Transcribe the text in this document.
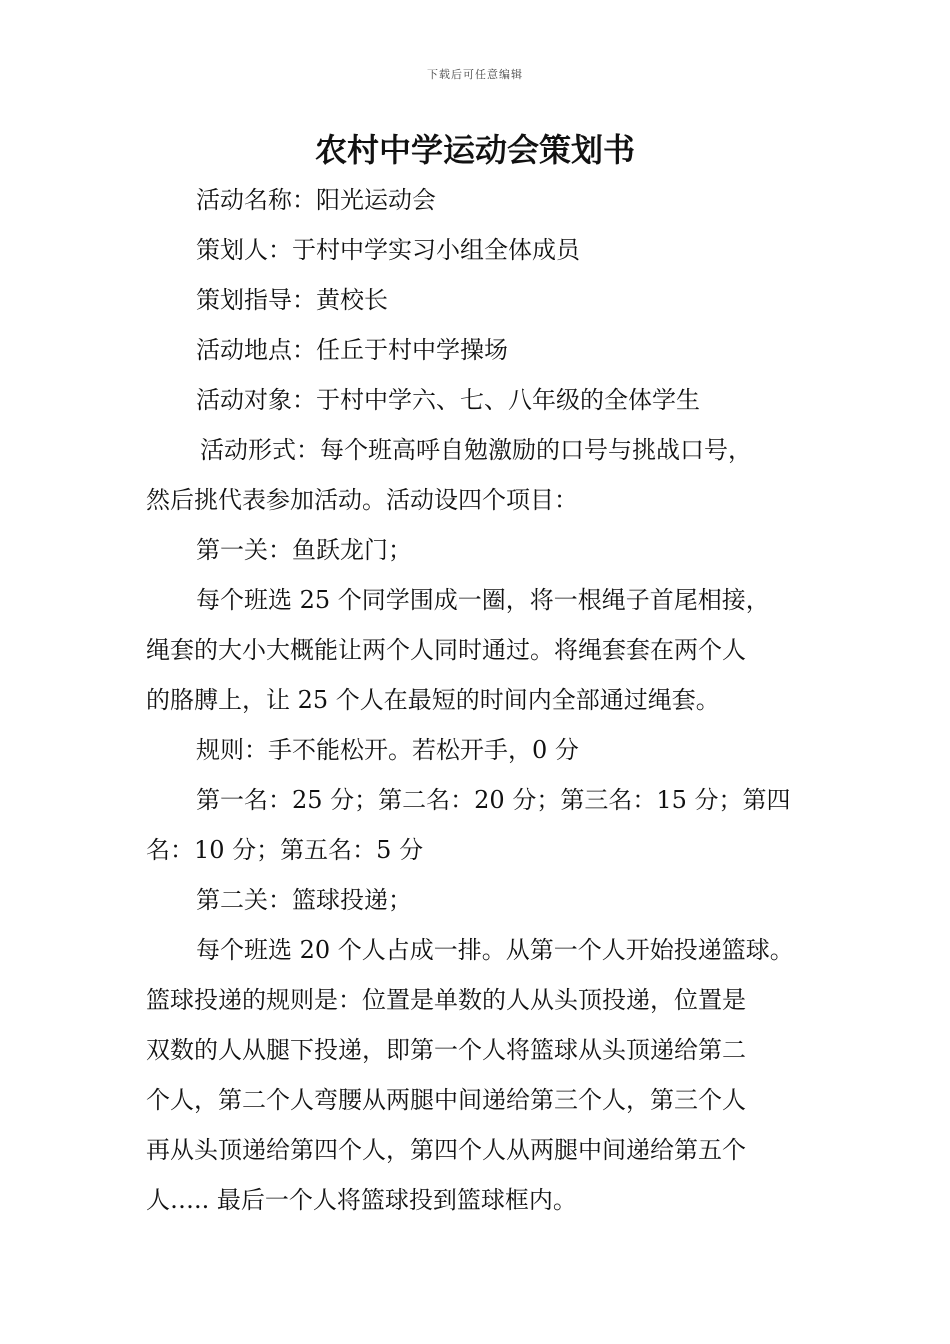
下载后可任意编辑
农村中学运动会策划书

活动名称：阳光运动会

策划人：于村中学实习小组全体成员

策划指导：黄校长

活动地点：任丘于村中学操场

活动对象：于村中学六、七、八年级的全体学生

活动形式：每个班高呼自勉激励的口号与挑战口号，

然后挑代表参加活动。活动设四个项目：

第一关：鱼跃龙门；

每个班选 25 个同学围成一圈，将一根绳子首尾相接，

绳套的大小大概能让两个人同时通过。将绳套套在两个人

的胳膊上，让 25 个人在最短的时间内全部通过绳套。

规则：手不能松开。若松开手，0 分

第一名：25 分；第二名：20 分；第三名：15 分；第四

名：10 分；第五名：5 分

第二关：篮球投递；

每个班选 20 个人占成一排。从第一个人开始投递篮球。

篮球投递的规则是：位置是单数的人从头顶投递，位置是

双数的人从腿下投递，即第一个人将篮球从头顶递给第二

个人，第二个人弯腰从两腿中间递给第三个人，第三个人

再从头顶递给第四个人，第四个人从两腿中间递给第五个

人….. 最后一个人将篮球投到篮球框内。
